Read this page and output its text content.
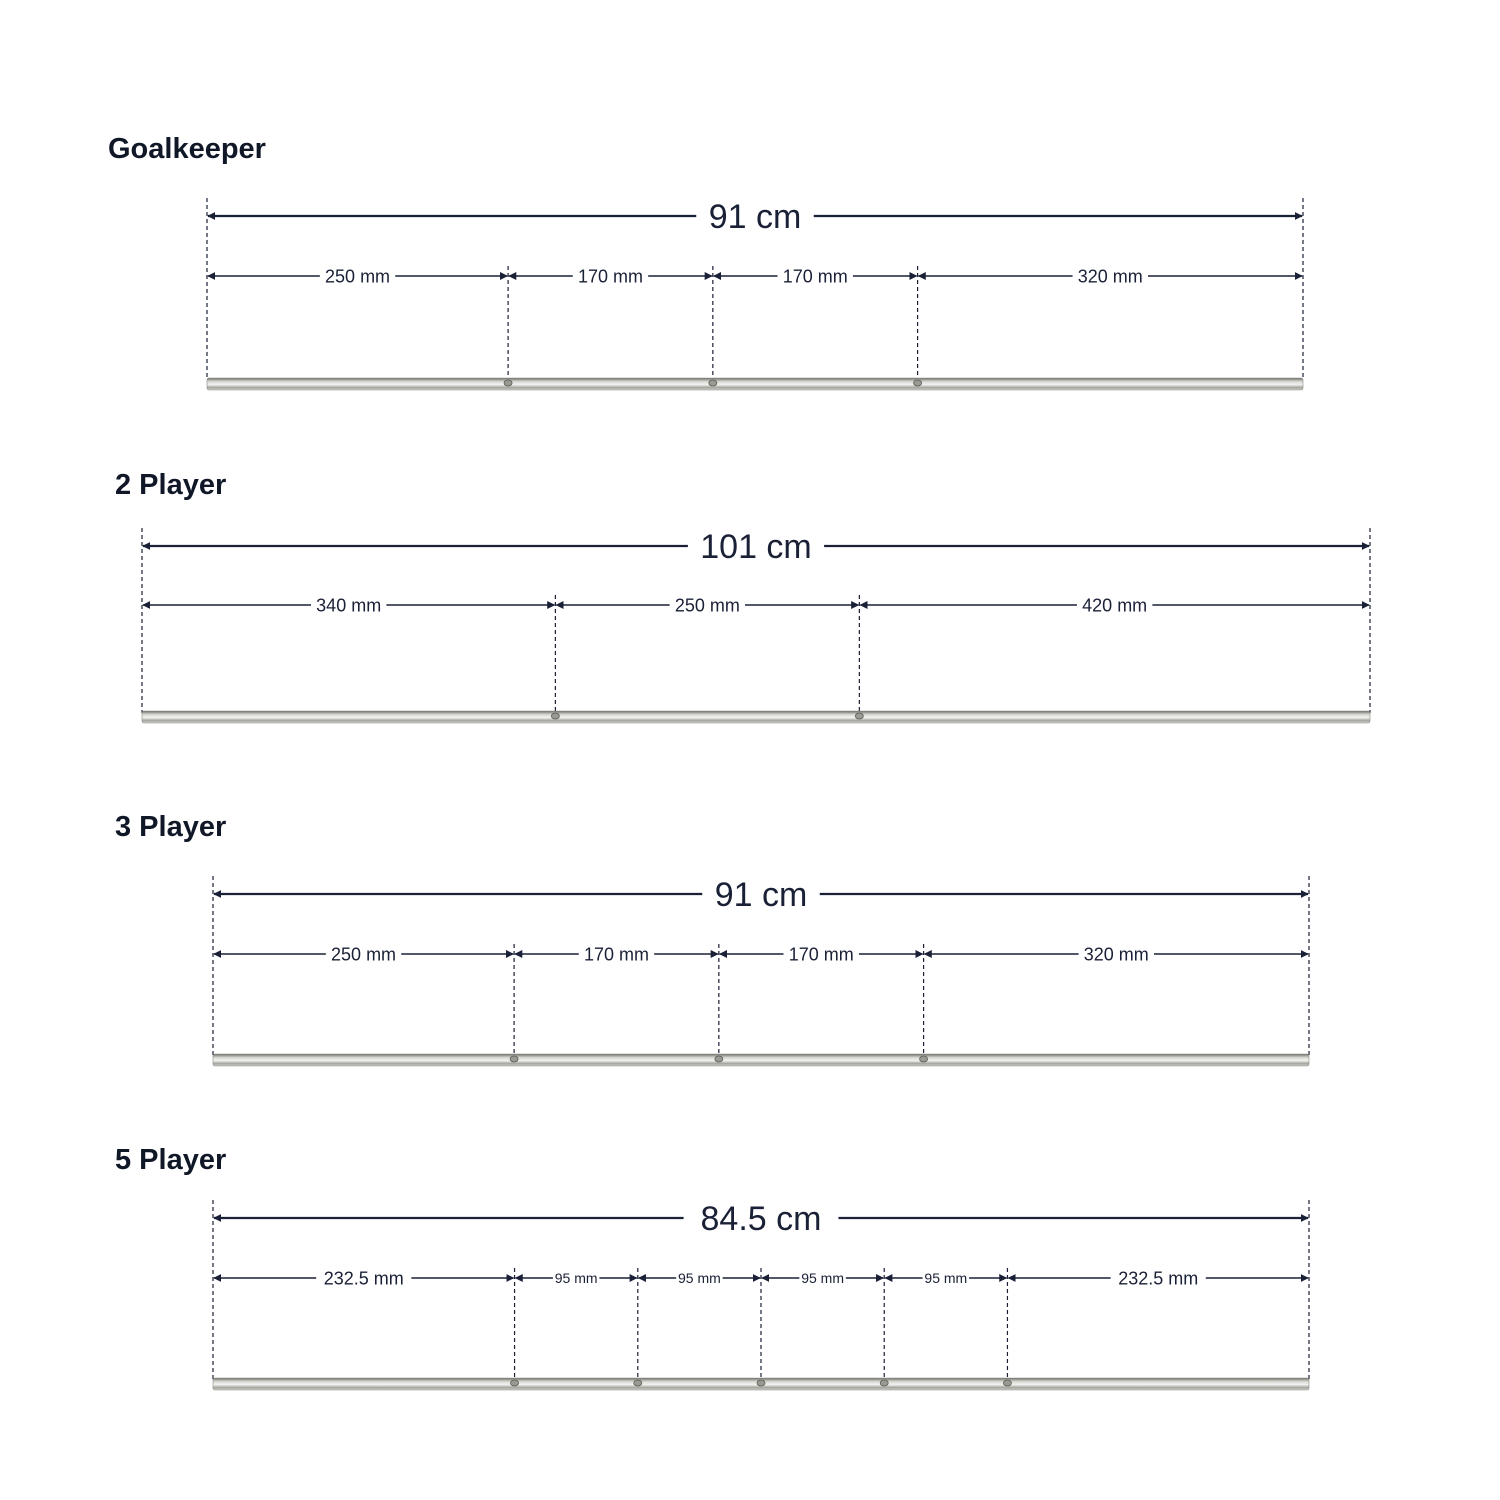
Goalkeeper
91 cm
250 mm	170 mm	170 mm	320 mm
2 Player
101 cm
340 mm	250 mm	420 mm
3 Player
91 cm
250 mm	170 mm	170 mm	320 mm
5 Player
84.5 cm
232.5 mm	95 mm	95 mm	95 mm	95 mm	232.5 mm
